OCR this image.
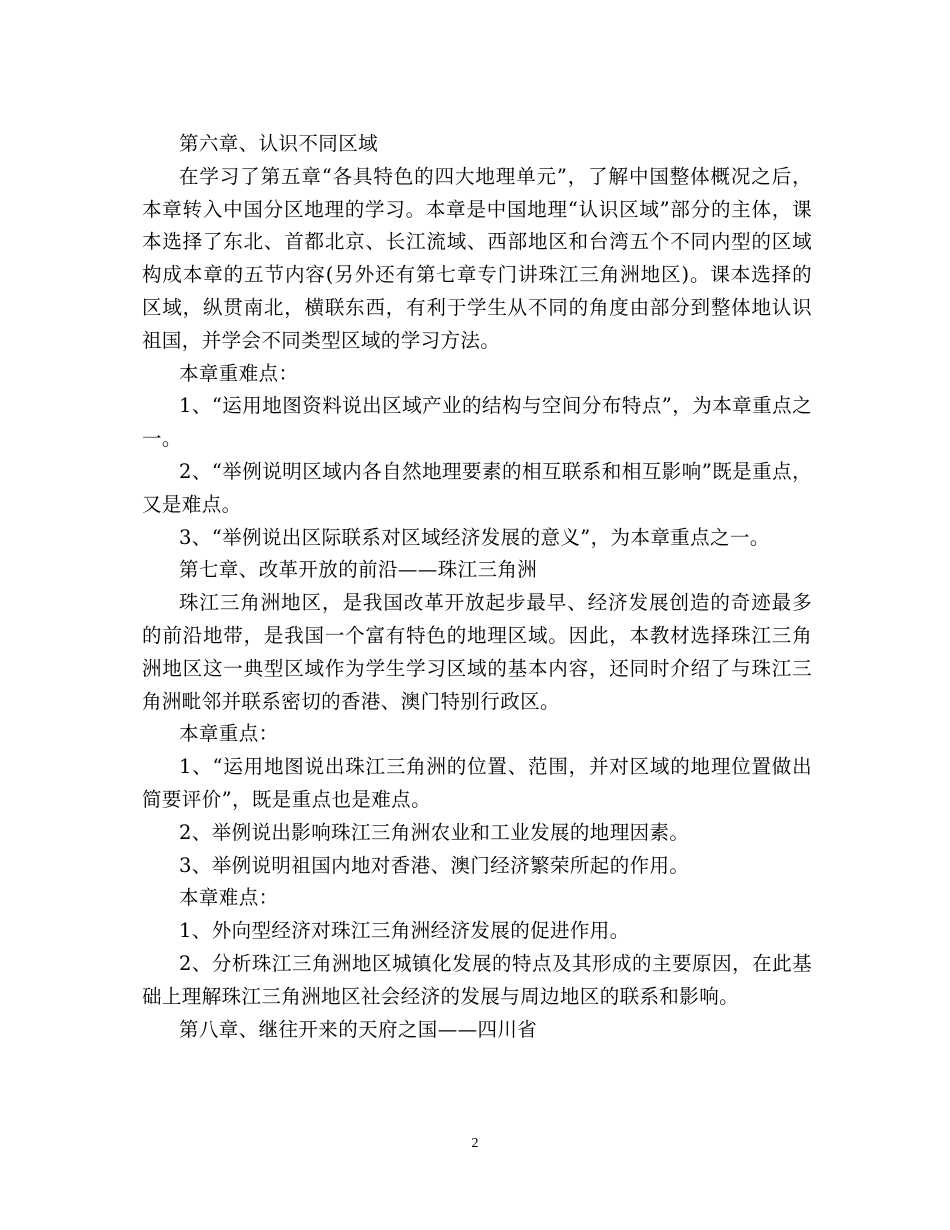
第六章、认识不同区域

在学习了第五章“各具特色的四大地理单元”，了解中国整体概况之后，本章转入中国分区地理的学习。本章是中国地理“认识区域”部分的主体，课本选择了东北、首都北京、长江流域、西部地区和台湾五个不同内型的区域构成本章的五节内容(另外还有第七章专门讲珠江三角洲地区)。课本选择的区域，纵贯南北，横联东西，有利于学生从不同的角度由部分到整体地认识祖国，并学会不同类型区域的学习方法。

本章重难点：

1、“运用地图资料说出区域产业的结构与空间分布特点”，为本章重点之一。

2、“举例说明区域内各自然地理要素的相互联系和相互影响”既是重点，又是难点。

3、“举例说出区际联系对区域经济发展的意义”，为本章重点之一。

第七章、改革开放的前沿——珠江三角洲

珠江三角洲地区，是我国改革开放起步最早、经济发展创造的奇迹最多的前沿地带，是我国一个富有特色的地理区域。因此，本教材选择珠江三角洲地区这一典型区域作为学生学习区域的基本内容，还同时介绍了与珠江三角洲毗邻并联系密切的香港、澳门特别行政区。

本章重点：

1、“运用地图说出珠江三角洲的位置、范围，并对区域的地理位置做出简要评价”，既是重点也是难点。

2、举例说出影响珠江三角洲农业和工业发展的地理因素。

3、举例说明祖国内地对香港、澳门经济繁荣所起的作用。

本章难点：

1、外向型经济对珠江三角洲经济发展的促进作用。

2、分析珠江三角洲地区城镇化发展的特点及其形成的主要原因，在此基础上理解珠江三角洲地区社会经济的发展与周边地区的联系和影响。

第八章、继往开来的天府之国——四川省

2
